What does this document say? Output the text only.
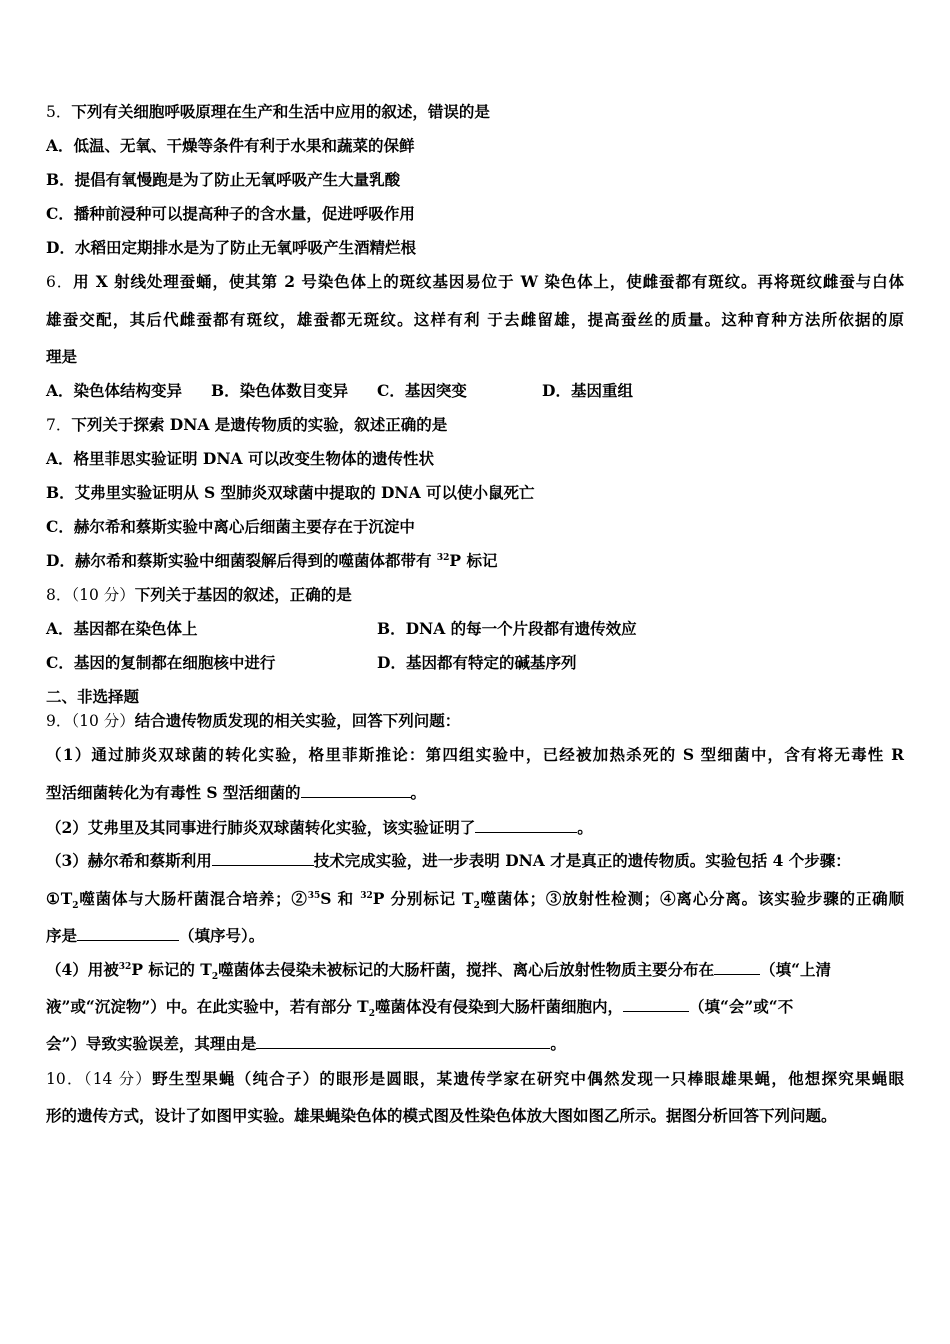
5．下列有关细胞呼吸原理在生产和生活中应用的叙述，错误的是
A．低温、无氧、干燥等条件有利于水果和蔬菜的保鲜
B．提倡有氧慢跑是为了防止无氧呼吸产生大量乳酸
C．播种前浸种可以提高种子的含水量，促进呼吸作用
D．水稻田定期排水是为了防止无氧呼吸产生酒精烂根
6．用 X 射线处理蚕蛹，使其第 2 号染色体上的斑纹基因易位于 W 染色体上，使雌蚕都有斑纹。再将斑纹雌蚕与白体
雄蚕交配，其后代雌蚕都有斑纹，雄蚕都无斑纹。这样有利 于去雌留雄，提高蚕丝的质量。这种育种方法所依据的原
理是
A．染色体结构变异 B．染色体数目变异 C．基因突变	D．基因重组
7．下列关于探索 DNA 是遗传物质的实验，叙述正确的是
A．格里菲思实验证明 DNA 可以改变生物体的遗传性状
B．艾弗里实验证明从 S 型肺炎双球菌中提取的 DNA 可以使小鼠死亡
C．赫尔希和蔡斯实验中离心后细菌主要存在于沉淀中
D．赫尔希和蔡斯实验中细菌裂解后得到的噬菌体都带有 $^{32}$P 标记
8．（10 分）下列关于基因的叙述，正确的是
A．基因都在染色体上	B．DNA 的每一个片段都有遗传效应
C．基因的复制都在细胞核中进行	D．基因都有特定的碱基序列
二、非选择题
9．（10 分）结合遗传物质发现的相关实验，回答下列问题：
（1）通过肺炎双球菌的转化实验，格里菲斯推论：第四组实验中，已经被加热杀死的 S 型细菌中，含有将无毒性 R
型活细菌转化为有毒性 S 型活细菌的	。
（2）艾弗里及其同事进行肺炎双球菌转化实验，该实验证明了	。
（3）赫尔希和蔡斯利用	技术完成实验，进一步表明 DNA 才是真正的遗传物质。实验包括 4 个步骤：
$①T_2$噬菌体与大肠杆菌混合培养；②$^{35}$S 和 $^{32}$P 分别标记 $T_2$噬菌体；③放射性检测；④离心分离。该实验步骤的正确顺
序是	（填序号）。
（4）用被$^{32}$P 标记的 $T_2$噬菌体去侵染未被标记的大肠杆菌，搅拌、离心后放射性物质主要分布在	（填“上清
液”或“沉淀物”）中。在此实验中，若有部分 $T_2$噬菌体没有侵染到大肠杆菌细胞内，	（填“会”或“不
会”）导致实验误差，其理由是	。
10．（14 分）野生型果蝇（纯合子）的眼形是圆眼，某遗传学家在研究中偶然发现一只棒眼雄果蝇，他想探究果蝇眼
形的遗传方式，设计了如图甲实验。雄果蝇染色体的模式图及性染色体放大图如图乙所示。据图分析回答下列问题。
